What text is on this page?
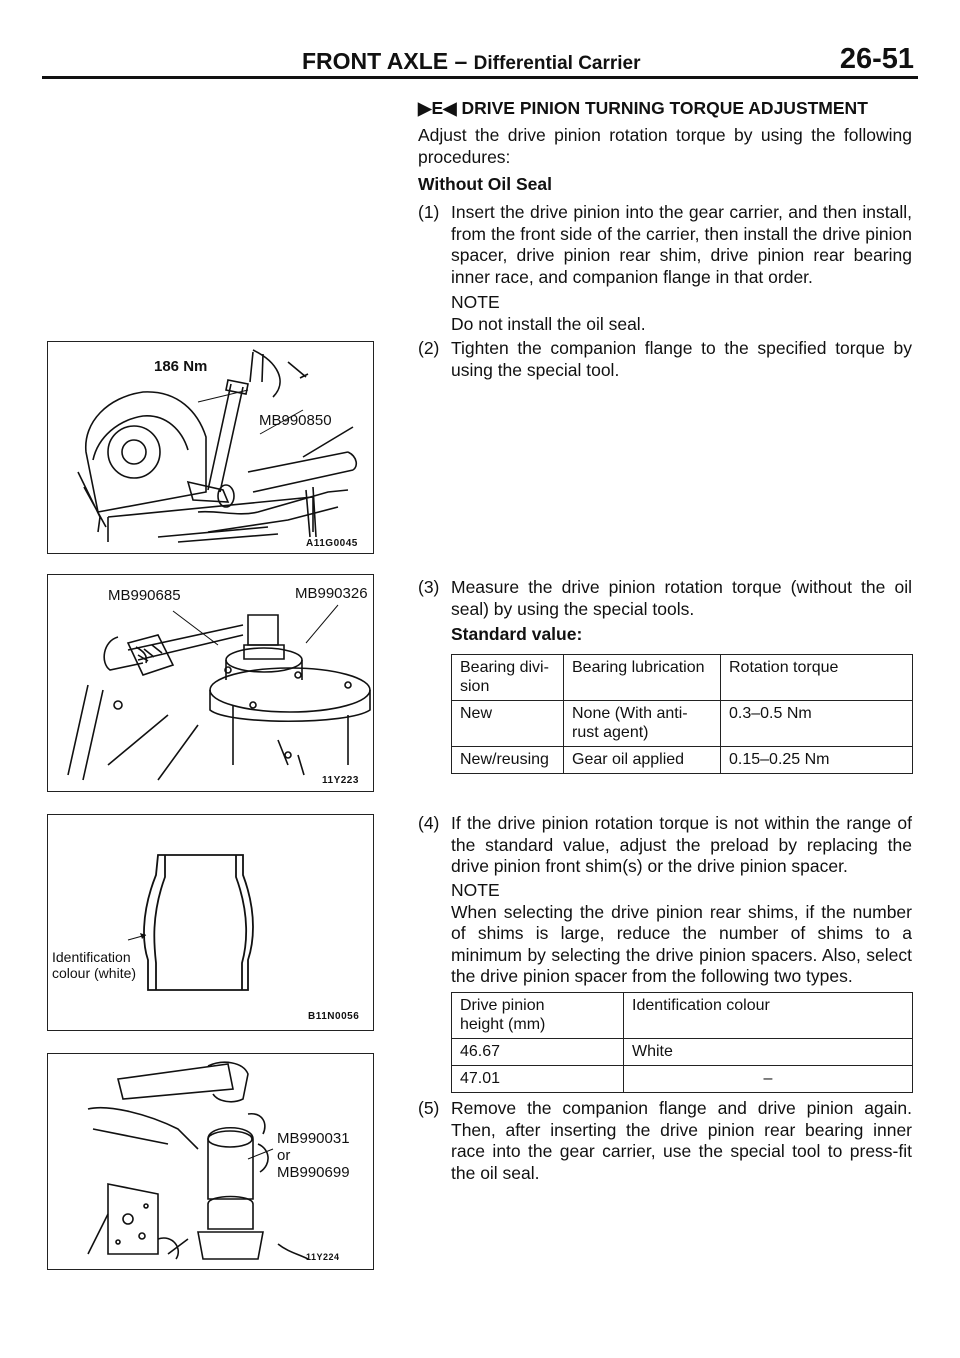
FRONT AXLE – Differential Carrier	26-51
186 Nm
MB990850
A11G0045
MB990685	MB990326
11Y223
Identification
colour (white)
B11N0056
MB990031
or
MB990699
11Y224
▶E◀ DRIVE PINION TURNING TORQUE ADJUSTMENT
Adjust the drive pinion rotation torque by using the following procedures:
Without Oil Seal
(1) Insert the drive pinion into the gear carrier, and then install, from the front side of the carrier, then install the drive pinion spacer, drive pinion rear shim, drive pinion rear bearing inner race, and companion flange in that order.
NOTE
Do not install the oil seal.
(2) Tighten the companion flange to the specified torque by using the special tool.
(3) Measure the drive pinion rotation torque (without the oil seal) by using the special tools.
Standard value:
Bearing divi-
sion	Bearing lubrication	Rotation torque
New	None (With anti-
rust agent)	0.3–0.5 Nm
New/reusing	Gear oil applied	0.15–0.25 Nm
(4) If the drive pinion rotation torque is not within the range of the standard value, adjust the preload by replacing the drive pinion front shim(s) or the drive pinion spacer.
NOTE
When selecting the drive pinion rear shims, if the number of shims is large, reduce the number of shims to a minimum by selecting the drive pinion spacers. Also, select the drive pinion spacer from the following two types.
Drive pinion
height (mm)	Identification colour
46.67	White
47.01	–
(5) Remove the companion flange and drive pinion again. Then, after inserting the drive pinion rear bearing inner race into the gear carrier, use the special tool to press-fit the oil seal.
